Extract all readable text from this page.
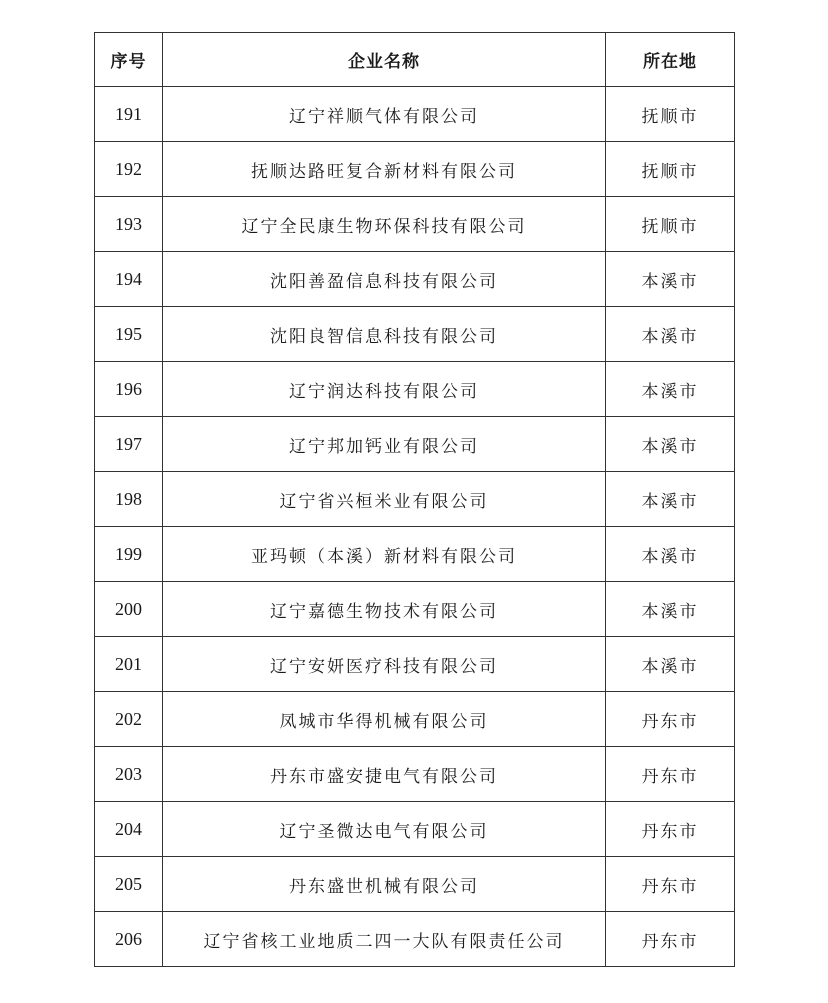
序号	企业名称	所在地
191	辽宁祥顺气体有限公司	抚顺市
192	抚顺达路旺复合新材料有限公司	抚顺市
193	辽宁全民康生物环保科技有限公司	抚顺市
194	沈阳善盈信息科技有限公司	本溪市
195	沈阳良智信息科技有限公司	本溪市
196	辽宁润达科技有限公司	本溪市
197	辽宁邦加钙业有限公司	本溪市
198	辽宁省兴桓米业有限公司	本溪市
199	亚玛顿（本溪）新材料有限公司	本溪市
200	辽宁嘉德生物技术有限公司	本溪市
201	辽宁安妍医疗科技有限公司	本溪市
202	凤城市华得机械有限公司	丹东市
203	丹东市盛安捷电气有限公司	丹东市
204	辽宁圣微达电气有限公司	丹东市
205	丹东盛世机械有限公司	丹东市
206	辽宁省核工业地质二四一大队有限责任公司	丹东市
